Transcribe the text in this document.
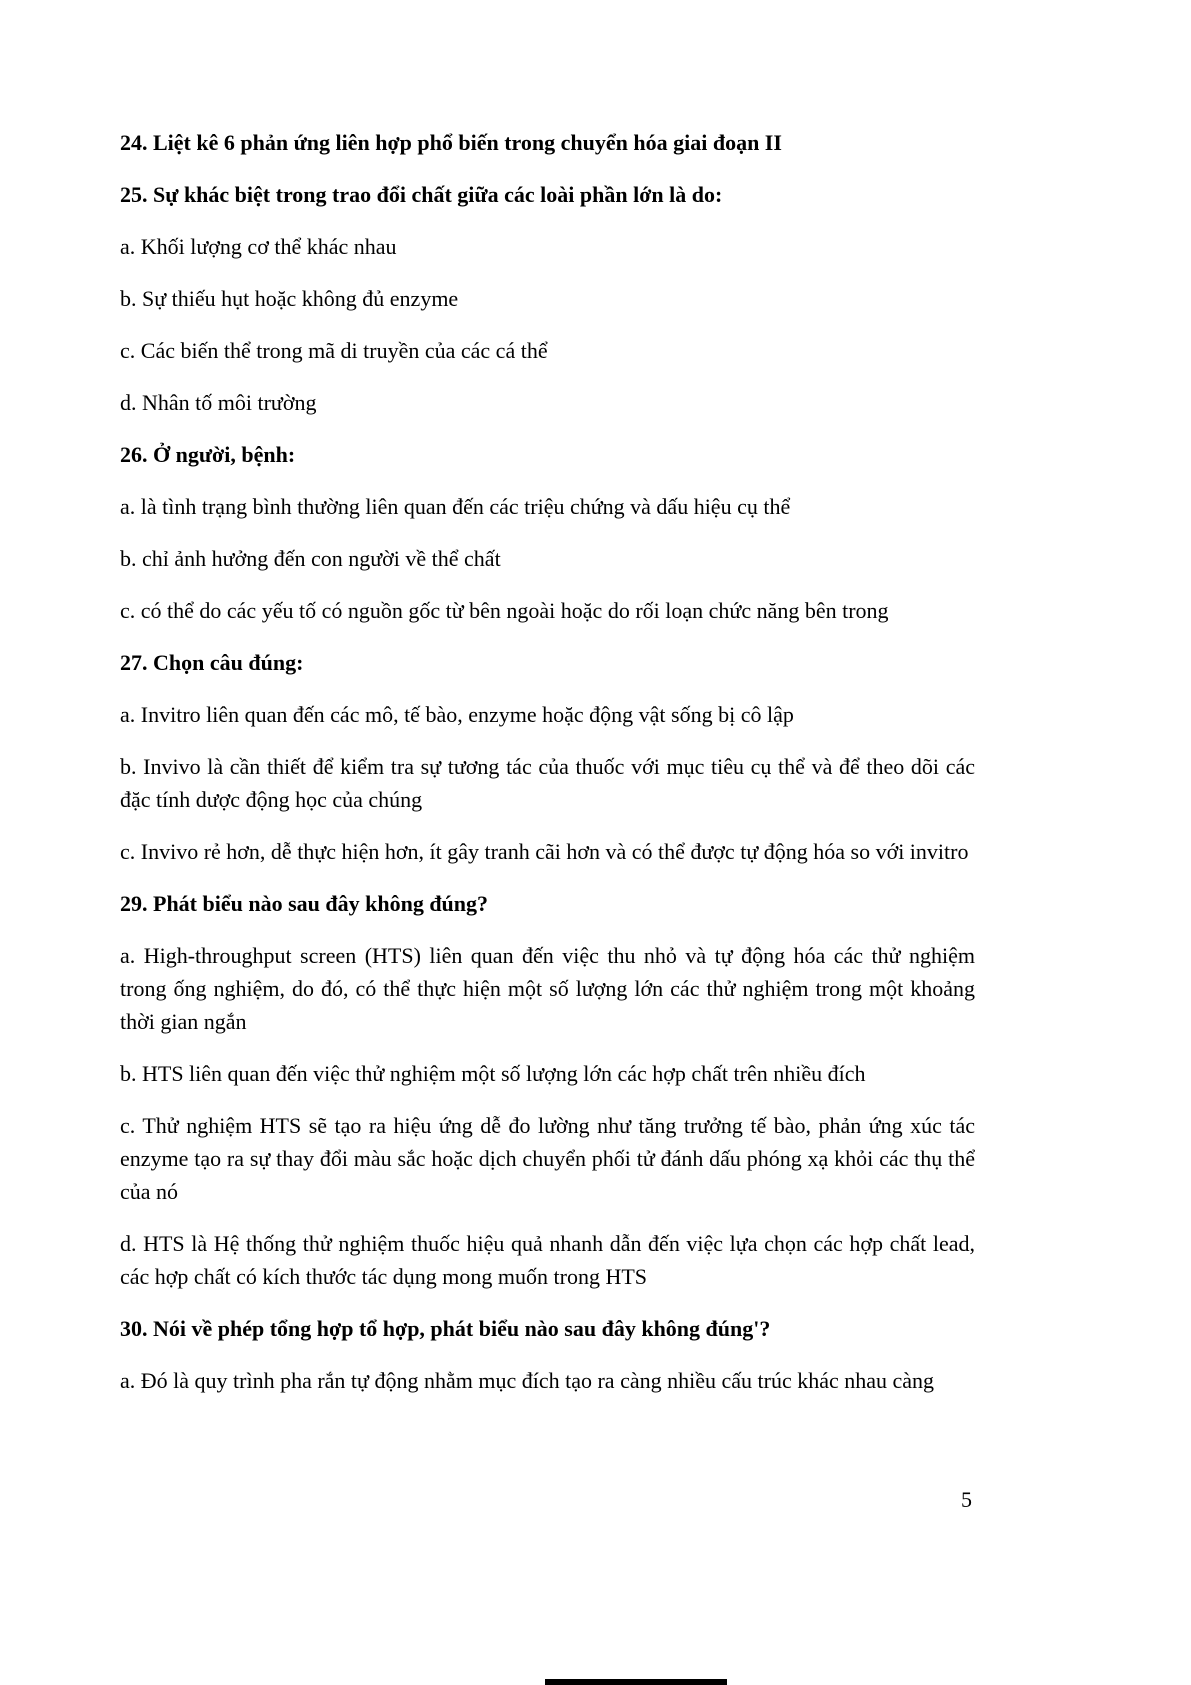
24. Liệt kê 6 phản ứng liên hợp phổ biến trong chuyển hóa giai đoạn II

25. Sự khác biệt trong trao đổi chất giữa các loài phần lớn là do:

a. Khối lượng cơ thể khác nhau

b. Sự thiếu hụt hoặc không đủ enzyme

c. Các biến thể trong mã di truyền của các cá thể

d. Nhân tố môi trường

26. Ở người, bệnh:

a. là tình trạng bình thường liên quan đến các triệu chứng và dấu hiệu cụ thể

b. chỉ ảnh hưởng đến con người về thể chất

c. có thể do các yếu tố có nguồn gốc từ bên ngoài hoặc do rối loạn chức năng bên trong

27. Chọn câu đúng:

a. Invitro liên quan đến các mô, tế bào, enzyme hoặc động vật sống bị cô lập

b. Invivo là cần thiết để kiểm tra sự tương tác của thuốc với mục tiêu cụ thể và để theo dõi các đặc tính dược động học của chúng

c. Invivo rẻ hơn, dễ thực hiện hơn, ít gây tranh cãi hơn và có thể được tự động hóa so với invitro

29. Phát biểu nào sau đây không đúng?

a. High-throughput screen (HTS) liên quan đến việc thu nhỏ và tự động hóa các thử nghiệm trong ống nghiệm, do đó, có thể thực hiện một số lượng lớn các thử nghiệm trong một khoảng thời gian ngắn

b. HTS liên quan đến việc thử nghiệm một số lượng lớn các hợp chất trên nhiều đích

c. Thử nghiệm HTS sẽ tạo ra hiệu ứng dễ đo lường như tăng trưởng tế bào, phản ứng xúc tác enzyme tạo ra sự thay đổi màu sắc hoặc dịch chuyển phối tử đánh dấu phóng xạ khỏi các thụ thể của nó

d. HTS là Hệ thống thử nghiệm thuốc hiệu quả nhanh dẫn đến việc lựa chọn các hợp chất lead, các hợp chất có kích thước tác dụng mong muốn trong HTS

30. Nói về phép tổng hợp tổ hợp, phát biểu nào sau đây không đúng'?

a. Đó là quy trình pha rắn tự động nhằm mục đích tạo ra càng nhiều cấu trúc khác nhau càng

5
